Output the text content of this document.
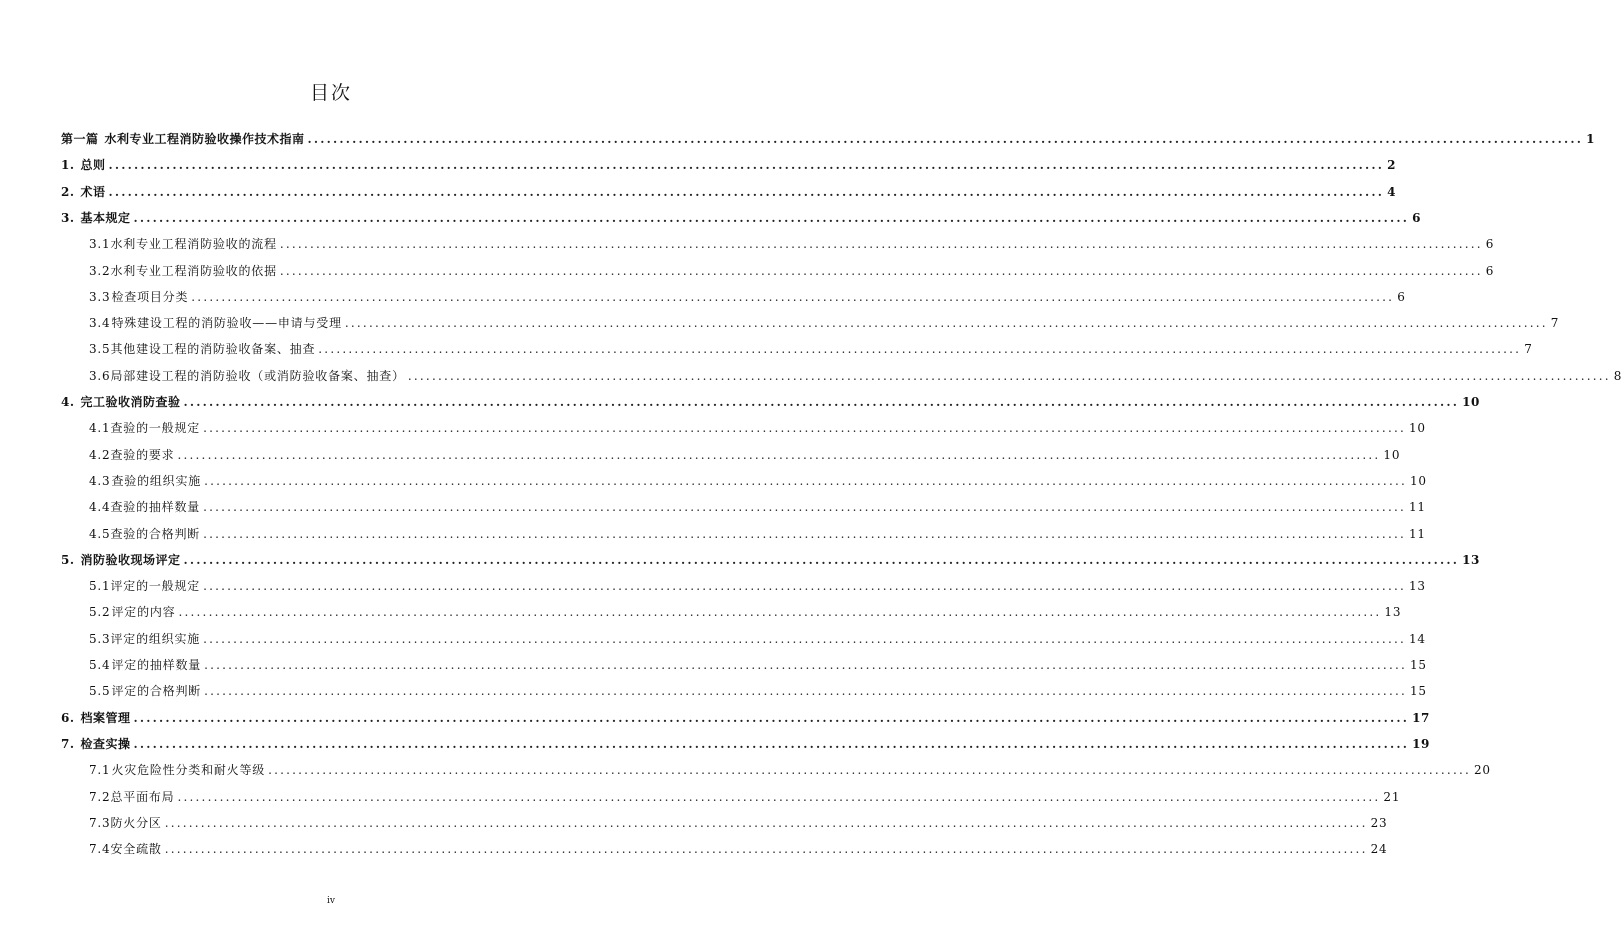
目次
第一篇 水利专业工程消防验收操作技术指南 ........................................................................................................................................................................................................ 1
1. 总则 ........................................................................................................................................................................................................ 2
2. 术语 ........................................................................................................................................................................................................ 4
3. 基本规定 ........................................................................................................................................................................................................ 6
3.1 水利专业工程消防验收的流程 ........................................................................................................................................................................................................ 6
3.2 水利专业工程消防验收的依据 ........................................................................................................................................................................................................ 6
3.3 检查项目分类 ........................................................................................................................................................................................................ 6
3.4 特殊建设工程的消防验收——申请与受理 ........................................................................................................................................................................................................ 7
3.5 其他建设工程的消防验收备案、抽查 ........................................................................................................................................................................................................ 7
3.6 局部建设工程的消防验收（或消防验收备案、抽查） ........................................................................................................................................................................................................ 8
4. 完工验收消防查验 ........................................................................................................................................................................................................ 10
4.1 查验的一般规定 ........................................................................................................................................................................................................ 10
4.2 查验的要求 ........................................................................................................................................................................................................ 10
4.3 查验的组织实施 ........................................................................................................................................................................................................ 10
4.4 查验的抽样数量 ........................................................................................................................................................................................................ 11
4.5 查验的合格判断 ........................................................................................................................................................................................................ 11
5. 消防验收现场评定 ........................................................................................................................................................................................................ 13
5.1 评定的一般规定 ........................................................................................................................................................................................................ 13
5.2 评定的内容 ........................................................................................................................................................................................................ 13
5.3 评定的组织实施 ........................................................................................................................................................................................................ 14
5.4 评定的抽样数量 ........................................................................................................................................................................................................ 15
5.5 评定的合格判断 ........................................................................................................................................................................................................ 15
6. 档案管理 ........................................................................................................................................................................................................ 17
7. 检查实操 ........................................................................................................................................................................................................ 19
7.1 火灾危险性分类和耐火等级 ........................................................................................................................................................................................................ 20
7.2 总平面布局 ........................................................................................................................................................................................................ 21
7.3 防火分区 ........................................................................................................................................................................................................ 23
7.4 安全疏散 ........................................................................................................................................................................................................ 24
iv
